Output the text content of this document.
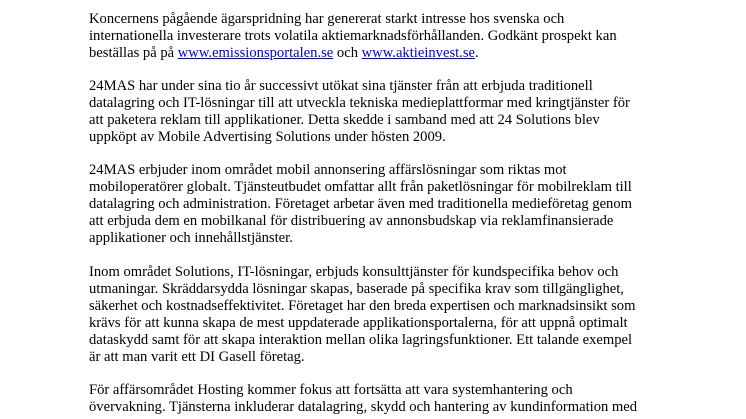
Koncernens pågående ägarspridning har genererat starkt intresse hos svenska och
internationella investerare trots volatila aktiemarknadsförhållanden. Godkänt prospekt kan
beställas på på www.emissionsportalen.se och www.aktieinvest.se.

24MAS har under sina tio år successivt utökat sina tjänster från att erbjuda traditionell
datalagring och IT-lösningar till att utveckla tekniska medieplattformar med kringtjänster för
att paketera reklam till applikationer. Detta skedde i samband med att 24 Solutions blev
uppköpt av Mobile Advertising Solutions under hösten 2009.

24MAS erbjuder inom området mobil annonsering affärslösningar som riktas mot
mobiloperatörer globalt. Tjänsteutbudet omfattar allt från paketlösningar för mobilreklam till
datalagring och administration. Företaget arbetar även med traditionella medieföretag genom
att erbjuda dem en mobilkanal för distribuering av annonsbudskap via reklamfinansierade
applikationer och innehållstjänster.

Inom området Solutions, IT-lösningar, erbjuds konsulttjänster för kundspecifika behov och
utmaningar. Skräddarsydda lösningar skapas, baserade på specifika krav som tillgänglighet,
säkerhet och kostnadseffektivitet. Företaget har den breda expertisen och marknadsinsikt som
krävs för att kunna skapa de mest uppdaterade applikationsportalerna, för att uppnå optimalt
dataskydd samt för att skapa interaktion mellan olika lagringsfunktioner. Ett talande exempel
är att man varit ett DI Gasell företag.

För affärsområdet Hosting kommer fokus att fortsätta att vara systemhantering och
övervakning. Tjänsterna inkluderar datalagring, skydd och hantering av kundinformation med
